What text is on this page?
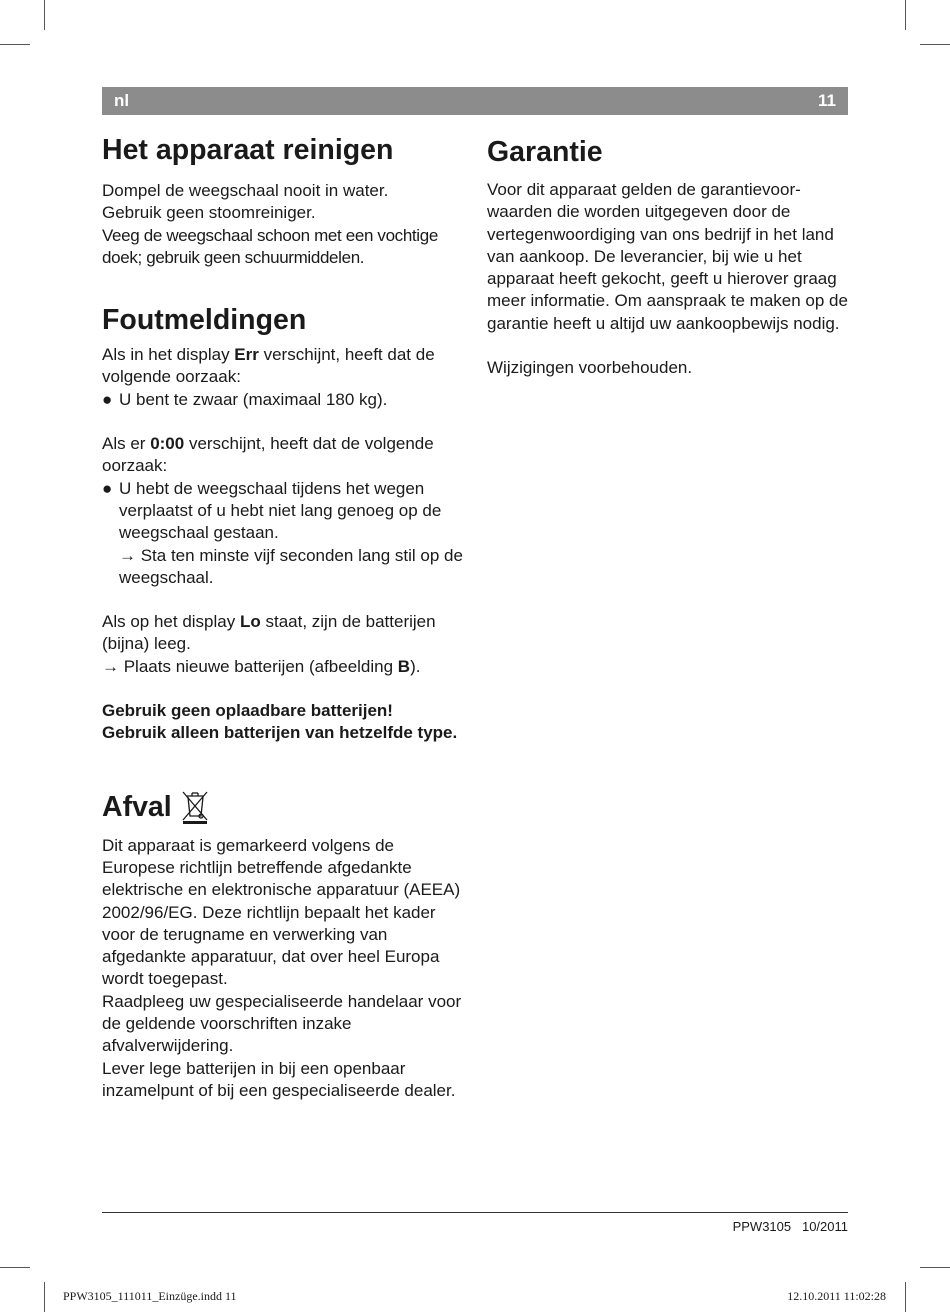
nl	11
Het apparaat reinigen

Dompel de weegschaal nooit in water.

Gebruik geen stoomreiniger.

Veeg de weegschaal schoon met een vochtige doek; gebruik geen schuurmiddelen.

Foutmeldingen

Als in het display Err verschijnt, heeft dat de volgende oorzaak:

● U bent te zwaar (maximaal 180 kg).

Als er 0:00 verschijnt, heeft dat de volgende oorzaak:

● U hebt de weegschaal tijdens het wegen verplaatst of u hebt niet lang genoeg op de weegschaal gestaan.
→ Sta ten minste vijf seconden lang stil op de weegschaal.

Als op het display Lo staat, zijn de batterijen (bijna) leeg.

→ Plaats nieuwe batterijen (afbeelding B).

Gebruik geen oplaadbare batterijen!

Gebruik alleen batterijen van hetzelfde type.

Afval

Dit apparaat is gemarkeerd volgens de Europese richtlijn betreffende afgedankte elektrische en elektronische apparatuur (AEEA) 2002/96/EG. Deze richtlijn bepaalt het kader voor de terugname en verwerking van afgedankte apparatuur, dat over heel Europa wordt toegepast.

Raadpleeg uw gespecialiseerde handelaar voor de geldende voorschriften inzake afvalverwijdering.

Lever lege batterijen in bij een openbaar inzamelpunt of bij een gespecialiseerde dealer.

Garantie

Voor dit apparaat gelden de garantievoor-waarden die worden uitgegeven door de vertegenwoordiging van ons bedrijf in het land van aankoop. De leverancier, bij wie u het apparaat heeft gekocht, geeft u hierover graag meer informatie. Om aanspraak te maken op de garantie heeft u altijd uw aankoopbewijs nodig.

Wijzigingen voorbehouden.

PPW3105 10/2011
PPW3105_111011_Einzüge.indd 11	12.10.2011 11:02:28
